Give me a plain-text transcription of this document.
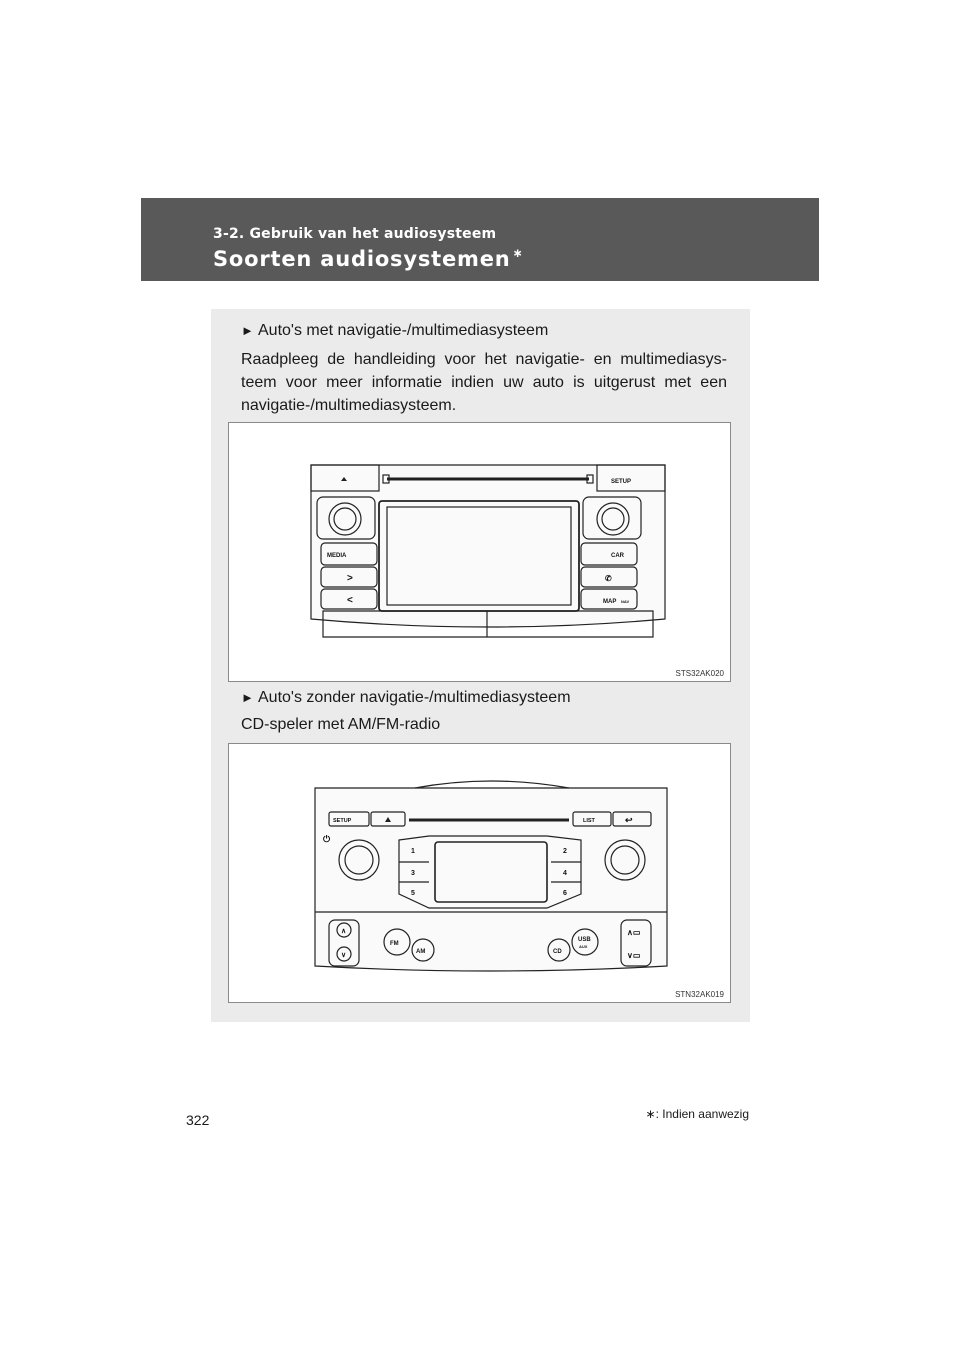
3-2. Gebruik van het audiosysteem
Soorten audiosystemen ∗
► Auto's met navigatie-/multimediasysteem
Raadpleeg de handleiding voor het navigatie- en multimediasys-teem voor meer informatie indien uw auto is uitgerust met een navigatie-/multimediasysteem.
SETUP
MEDIA
>
<
CAR
✆
MAP NAV
STS32AK020
► Auto's zonder navigatie-/multimediasysteem
CD-speler met AM/FM-radio
SETUP	LIST	↩
⏻
1	2
3	4
5	6
∧
∨
FM
AM	CD
USB
AUX
∧▭
∨▭
STN32AK019
∗: Indien aanwezig
322
